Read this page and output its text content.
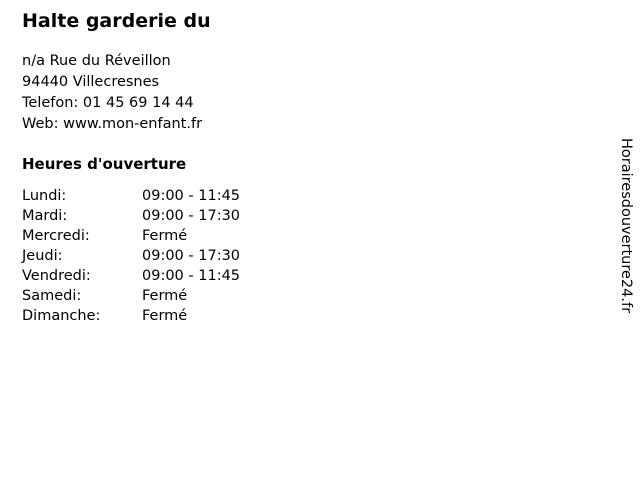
Halte garderie du
n/a Rue du Réveillon
94440 Villecresnes
Telefon: 01 45 69 14 44
Web: www.mon-enfant.fr
Heures d'ouverture
Lundi:	09:00 - 11:45
Mardi:	09:00 - 17:30
Mercredi:	Fermé
Jeudi:	09:00 - 17:30
Vendredi:	09:00 - 11:45
Samedi:	Fermé
Dimanche:	Fermé
Horairesdouverture24.fr
